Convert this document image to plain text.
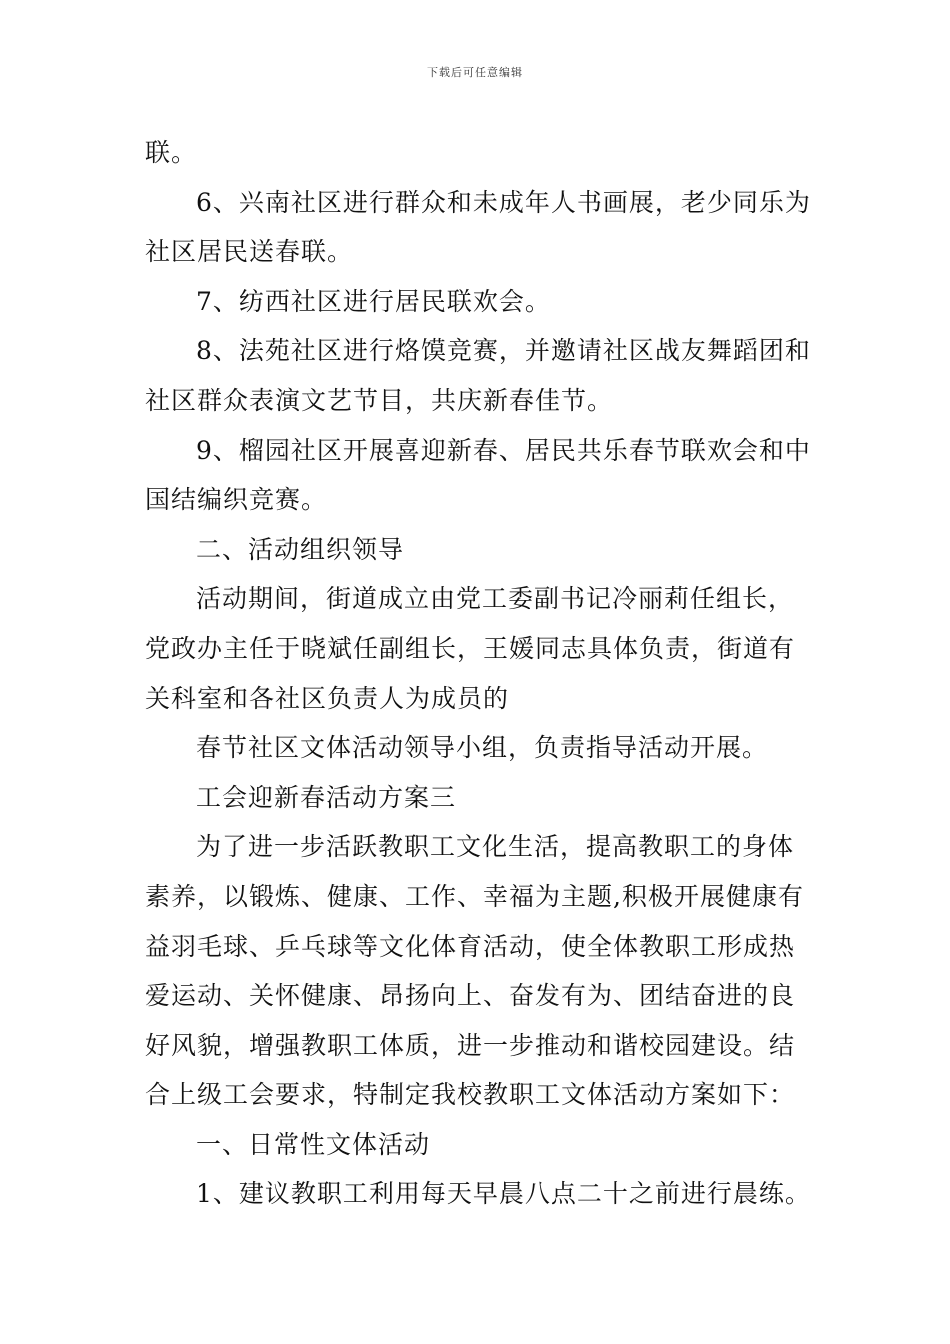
下载后可任意编辑
联。
6、兴南社区进行群众和未成年人书画展，老少同乐为
社区居民送春联。
7、纺西社区进行居民联欢会。
8、法苑社区进行烙馍竞赛，并邀请社区战友舞蹈团和
社区群众表演文艺节目，共庆新春佳节。
9、榴园社区开展喜迎新春、居民共乐春节联欢会和中
国结编织竞赛。
二、活动组织领导
活动期间，街道成立由党工委副书记冷丽莉任组长，
党政办主任于晓斌任副组长，王媛同志具体负责，街道有
关科室和各社区负责人为成员的
春节社区文体活动领导小组，负责指导活动开展。
工会迎新春活动方案三
为了进一步活跃教职工文化生活，提高教职工的身体
素养，以锻炼、健康、工作、幸福为主题,积极开展健康有
益羽毛球、乒乓球等文化体育活动，使全体教职工形成热
爱运动、关怀健康、昂扬向上、奋发有为、团结奋进的良
好风貌，增强教职工体质，进一步推动和谐校园建设。结
合上级工会要求，特制定我校教职工文体活动方案如下：
一、日常性文体活动
1、建议教职工利用每天早晨八点二十之前进行晨练。
